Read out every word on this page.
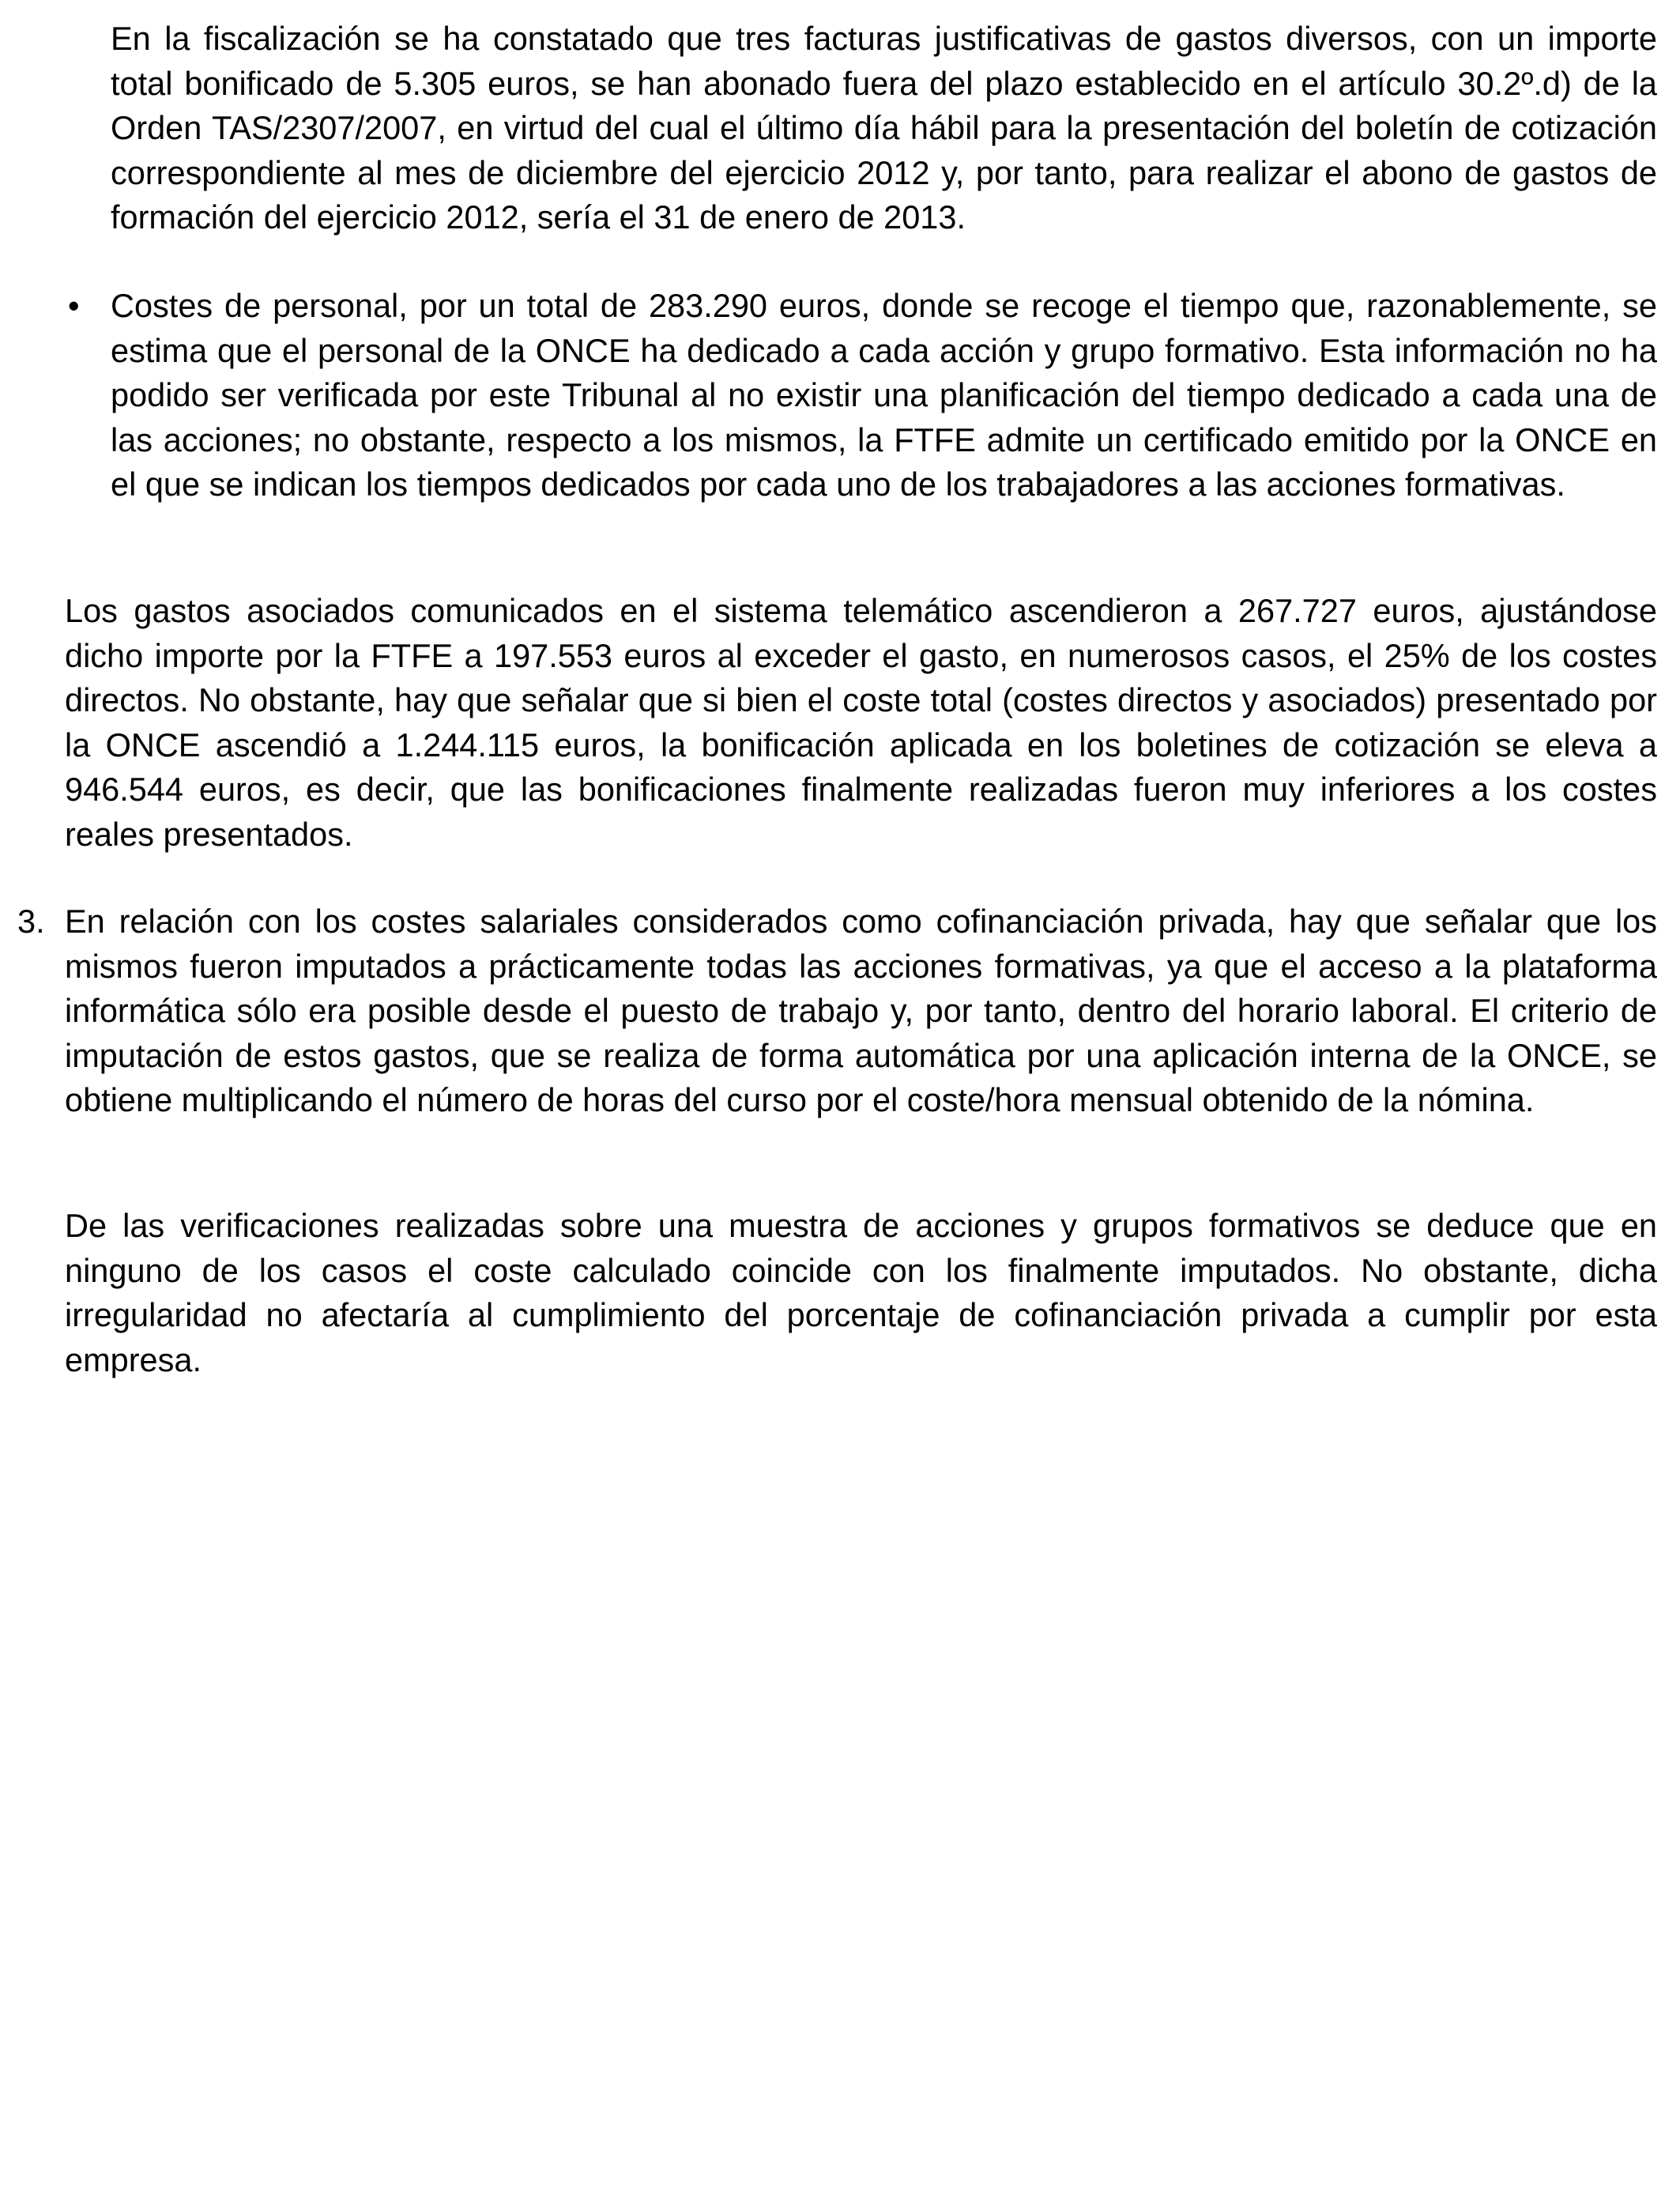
En la fiscalización se ha constatado que tres facturas justificativas de gastos diversos, con un importe total bonificado de 5.305 euros, se han abonado fuera del plazo establecido en el artículo 30.2º.d) de la Orden TAS/2307/2007, en virtud del cual el último día hábil para la presentación del boletín de cotización correspondiente al mes de diciembre del ejercicio 2012 y, por tanto, para realizar el abono de gastos de formación del ejercicio 2012, sería el 31 de enero de 2013.

• Costes de personal, por un total de 283.290 euros, donde se recoge el tiempo que, razonablemente, se estima que el personal de la ONCE ha dedicado a cada acción y grupo formativo. Esta información no ha podido ser verificada por este Tribunal al no existir una planificación del tiempo dedicado a cada una de las acciones; no obstante, respecto a los mismos, la FTFE admite un certificado emitido por la ONCE en el que se indican los tiempos dedicados por cada uno de los trabajadores a las acciones formativas.

Los gastos asociados comunicados en el sistema telemático ascendieron a 267.727 euros, ajustándose dicho importe por la FTFE a 197.553 euros al exceder el gasto, en numerosos casos, el 25% de los costes directos. No obstante, hay que señalar que si bien el coste total (costes directos y asociados) presentado por la ONCE ascendió a 1.244.115 euros, la bonificación aplicada en los boletines de cotización se eleva a 946.544 euros, es decir, que las bonificaciones finalmente realizadas fueron muy inferiores a los costes reales presentados.

3. En relación con los costes salariales considerados como cofinanciación privada, hay que señalar que los mismos fueron imputados a prácticamente todas las acciones formativas, ya que el acceso a la plataforma informática sólo era posible desde el puesto de trabajo y, por tanto, dentro del horario laboral. El criterio de imputación de estos gastos, que se realiza de forma automática por una aplicación interna de la ONCE, se obtiene multiplicando el número de horas del curso por el coste/hora mensual obtenido de la nómina.

De las verificaciones realizadas sobre una muestra de acciones y grupos formativos se deduce que en ninguno de los casos el coste calculado coincide con los finalmente imputados. No obstante, dicha irregularidad no afectaría al cumplimiento del porcentaje de cofinanciación privada a cumplir por esta empresa.
